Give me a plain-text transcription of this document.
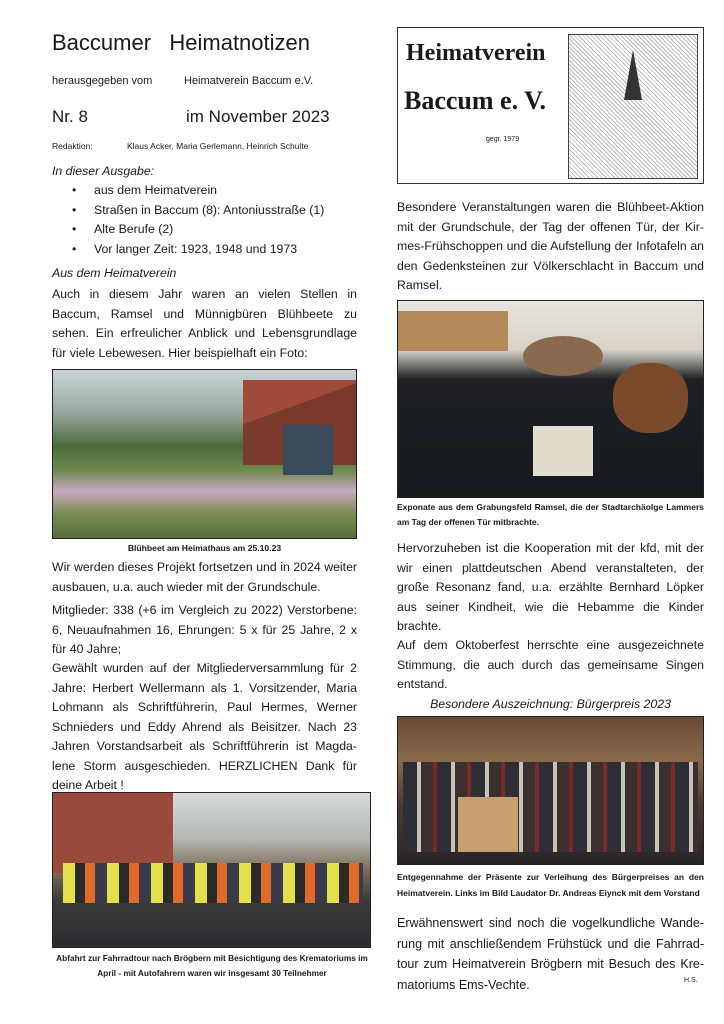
Baccumer   Heimatnotizen
herausgegeben vom	Heimatverein Baccum e.V.
Nr. 8	im November 2023
Redaktion:	Klaus Acker, Maria Gerlemann, Heinrich Schulte
In dieser Ausgabe:
• aus dem Heimatverein
• Straßen in Baccum (8): Antoniusstraße (1)
• Alte Berufe (2)
• Vor langer Zeit: 1923, 1948 und 1973
Aus dem Heimatverein
Auch in diesem Jahr waren an vielen Stellen in Baccum, Ramsel und Münnigbüren Blühbeete zu sehen. Ein erfreulicher Anblick und Lebensgrundlage für viele Lebewesen. Hier beispielhaft ein Foto:
Blühbeet am Heimathaus am 25.10.23
Wir werden dieses Projekt fortsetzen und in 2024 weiter ausbauen, u.a. auch wieder mit der Grundschule.
Mitglieder: 338 (+6 im Vergleich zu 2022) Verstorbene: 6, Neuaufnahmen 16, Ehrungen: 5 x für 25 Jahre, 2 x für 40 Jahre;
Gewählt wurden auf der Mitgliederversammlung für 2 Jahre: Herbert Wellermann als 1. Vorsitzender, Maria Lohmann als Schriftführerin, Paul Hermes, Werner Schnieders und Eddy Ahrend als Beisitzer. Nach 23 Jahren Vorstandsarbeit als Schriftführerin ist Magdalene Storm ausgeschieden. HERZLICHEN Dank für deine Arbeit !
Abfahrt zur Fahrradtour nach Brögbern mit Besichtigung des Krematoriums im April - mit Autofahrern waren wir insgesamt 30 Teilnehmer
Heimatverein
Baccum e. V.
gegr. 1979
Besondere Veranstaltungen waren die Blühbeet-Aktion mit der Grundschule, der Tag der offenen Tür, der Kirmes-Frühschoppen und die Aufstellung der Infotafeln an den Gedenksteinen zur Völkerschlacht in Baccum und Ramsel.
Exponate aus dem Grabungsfeld Ramsel, die der Stadtarchäolge Lammers am Tag der offenen Tür mitbrachte.
Hervorzuheben ist die Kooperation mit der kfd, mit der wir einen plattdeutschen Abend veranstalteten, der große Resonanz fand, u.a. erzählte Bernhard Löpker aus seiner Kindheit, wie die Hebamme die Kinder brachte.
Auf dem Oktoberfest herrschte eine ausgezeichnete Stimmung, die auch durch das gemeinsame Singen entstand.
Besondere Auszeichnung: Bürgerpreis 2023
Entgegennahme der Präsente zur Verleihung des Bürgerpreises an den Heimatverein. Links im Bild Laudator Dr. Andreas Eiynck mit dem Vorstand
Erwähnenswert sind noch die vogelkundliche Wanderung mit anschließendem Frühstück und die Fahrradtour zum Heimatverein Brögbern mit Besuch des Krematoriums Ems-Vechte.	H.S.
